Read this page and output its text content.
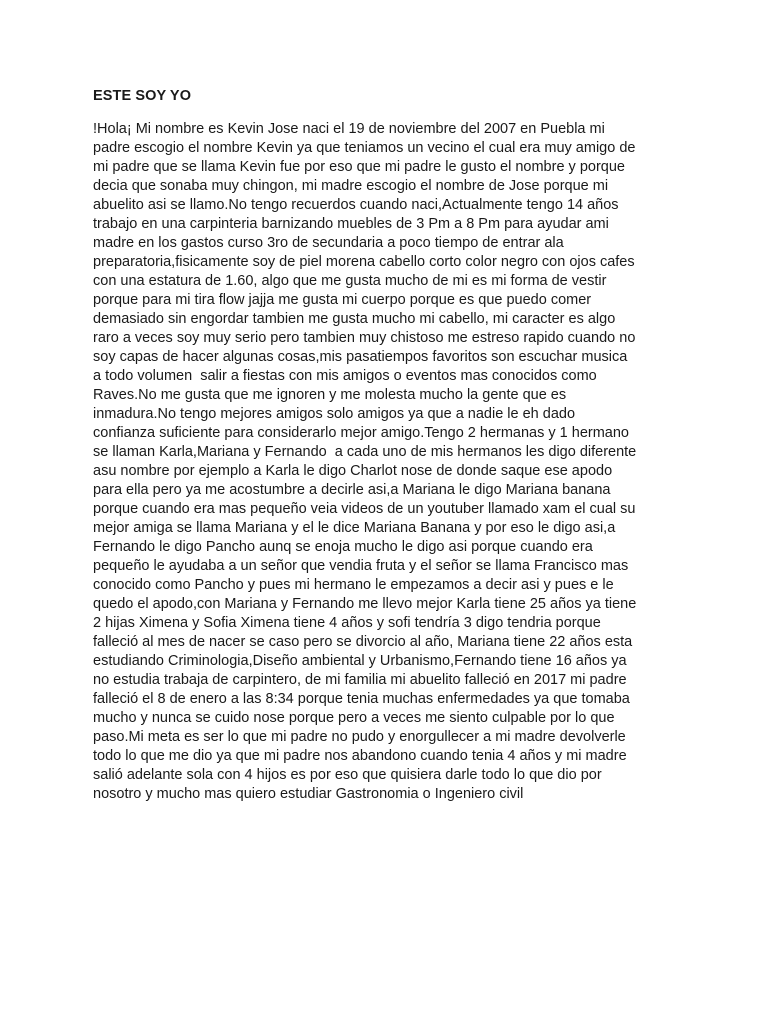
ESTE SOY YO
!Hola¡ Mi nombre es Kevin Jose naci el 19 de noviembre del 2007 en Puebla mi
padre escogio el nombre Kevin ya que teniamos un vecino el cual era muy amigo de
mi padre que se llama Kevin fue por eso que mi padre le gusto el nombre y porque
decia que sonaba muy chingon, mi madre escogio el nombre de Jose porque mi
abuelito asi se llamo.No tengo recuerdos cuando naci,Actualmente tengo 14 años
trabajo en una carpinteria barnizando muebles de 3 Pm a 8 Pm para ayudar ami
madre en los gastos curso 3ro de secundaria a poco tiempo de entrar ala
preparatoria,fisicamente soy de piel morena cabello corto color negro con ojos cafes
con una estatura de 1.60, algo que me gusta mucho de mi es mi forma de vestir
porque para mi tira flow jajja me gusta mi cuerpo porque es que puedo comer
demasiado sin engordar tambien me gusta mucho mi cabello, mi caracter es algo
raro a veces soy muy serio pero tambien muy chistoso me estreso rapido cuando no
soy capas de hacer algunas cosas,mis pasatiempos favoritos son escuchar musica
a todo volumen  salir a fiestas con mis amigos o eventos mas conocidos como
Raves.No me gusta que me ignoren y me molesta mucho la gente que es
inmadura.No tengo mejores amigos solo amigos ya que a nadie le eh dado
confianza suficiente para considerarlo mejor amigo.Tengo 2 hermanas y 1 hermano
se llaman Karla,Mariana y Fernando  a cada uno de mis hermanos les digo diferente
asu nombre por ejemplo a Karla le digo Charlot nose de donde saque ese apodo
para ella pero ya me acostumbre a decirle asi,a Mariana le digo Mariana banana
porque cuando era mas pequeño veia videos de un youtuber llamado xam el cual su
mejor amiga se llama Mariana y el le dice Mariana Banana y por eso le digo asi,a
Fernando le digo Pancho aunq se enoja mucho le digo asi porque cuando era
pequeño le ayudaba a un señor que vendia fruta y el señor se llama Francisco mas
conocido como Pancho y pues mi hermano le empezamos a decir asi y pues e le
quedo el apodo,con Mariana y Fernando me llevo mejor Karla tiene 25 años ya tiene
2 hijas Ximena y Sofia Ximena tiene 4 años y sofi tendría 3 digo tendria porque
falleció al mes de nacer se caso pero se divorcio al año, Mariana tiene 22 años esta
estudiando Criminologia,Diseño ambiental y Urbanismo,Fernando tiene 16 años ya
no estudia trabaja de carpintero, de mi familia mi abuelito falleció en 2017 mi padre
falleció el 8 de enero a las 8:34 porque tenia muchas enfermedades ya que tomaba
mucho y nunca se cuido nose porque pero a veces me siento culpable por lo que
paso.Mi meta es ser lo que mi padre no pudo y enorgullecer a mi madre devolverle
todo lo que me dio ya que mi padre nos abandono cuando tenia 4 años y mi madre
salió adelante sola con 4 hijos es por eso que quisiera darle todo lo que dio por
nosotro y mucho mas quiero estudiar Gastronomia o Ingeniero civil
